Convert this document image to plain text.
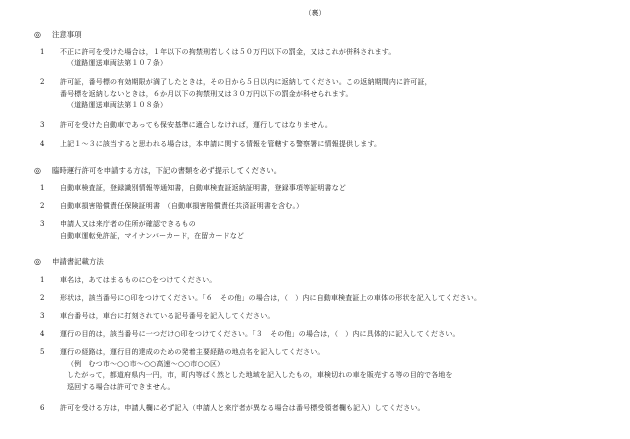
（裏）
◎ 注意事項
1 不正に許可を受けた場合は，１年以下の拘禁刑若しくは５０万円以下の罰金，又はこれが併科されます。
（道路運送車両法第１０７条）
2 許可証，番号標の有効期限が満了したときは，その日から５日以内に返納してください。この返納期間内に許可証，
番号標を返納しないときは，６か月以下の拘禁刑又は３０万円以下の罰金が科せられます。
（道路運送車両法第１０８条）
3 許可を受けた自動車であっても保安基準に適合しなければ，運行してはなりません。
4 上記１～３に該当すると思われる場合は，本申請に関する情報を管轄する警察署に情報提供します。
◎ 臨時運行許可を申請する方は，下記の書類を必ず提示してください。
1 自動車検査証，登録識別情報等通知書，自動車検査証返納証明書，登録事項等証明書など
2 自動車損害賠償責任保険証明書　（自動車損害賠償責任共済証明書を含む。）
3 申請人又は来庁者の住所が確認できるもの
自動車運転免許証，マイナンバーカード，在留カードなど
◎ 申請書記載方法
1 車名は，あてはまるものに○をつけてください。
2 形状は，該当番号に○印をつけてください。「６　その他」の場合は，（　）内に自動車検査証上の車体の形状を記入してください。
3 車台番号は，車台に打刻されている記号番号を記入してください。
4 運行の目的は，該当番号に一つだけ○印をつけてください。「３　その他」の場合は，（　）内に具体的に記入してください。
5 運行の経路は，運行目的達成のための発着主要経路の地点名を記入してください。
（例　むつ市～○○市～○○高速～○○市○○区）
したがって，都道府県内一円，市，町内等ばく然とした地域を記入したもの，車検切れの車を販売する等の目的で各地を
巡回する場合は許可できません。
6 許可を受ける方は，申請人欄に必ず記入（申請人と来庁者が異なる場合は番号標受領者欄も記入）してください。
